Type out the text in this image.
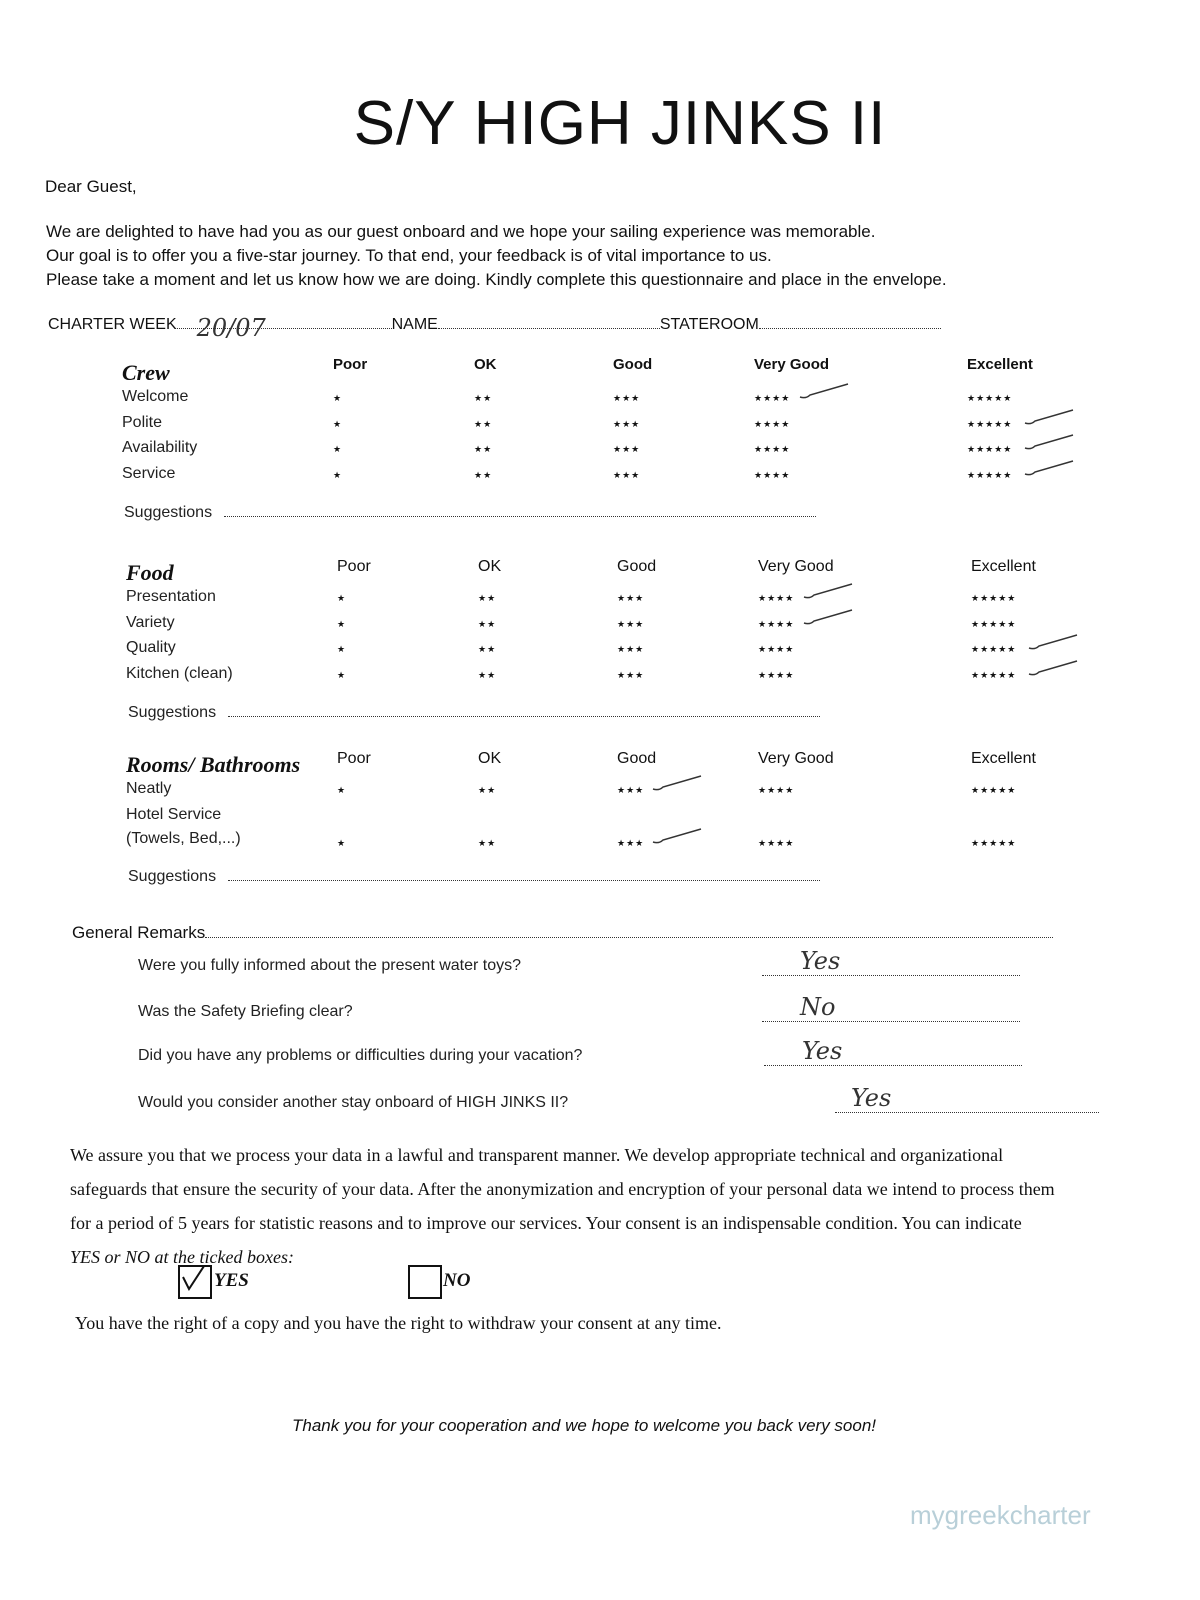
S/Y HIGH JINKS II
Dear Guest,
We are delighted to have had you as our guest onboard and we hope your sailing experience was memorable.
Our goal is to offer you a five-star journey. To that end, your feedback is of vital importance to us.
Please take a moment and let us know how we are doing. Kindly complete this questionnaire and place in the envelope.
CHARTER WEEK 20/07	NAME	STATEROOM
Crew	Poor	OK	Good	Very Good	Excellent
Welcome	★	★★	★★★	★★★★	★★★★★
Polite	★	★★	★★★	★★★★	★★★★★
Availability	★	★★	★★★	★★★★	★★★★★
Service	★	★★	★★★	★★★★	★★★★★
Suggestions
Food	Poor	OK	Good	Very Good	Excellent
Presentation	★	★★	★★★	★★★★	★★★★★
Variety	★	★★	★★★	★★★★	★★★★★
Quality	★	★★	★★★	★★★★	★★★★★
Kitchen (clean)	★	★★	★★★	★★★★	★★★★★
Suggestions
Rooms/ Bathrooms Poor	OK	Good	Very Good	Excellent
Neatly	★	★★	★★★	★★★★	★★★★★
Hotel Service
(Towels, Bed,...)	★	★★	★★★	★★★★	★★★★★
Suggestions
General Remarks
Were you fully informed about the present water toys?	Yes
Was the Safety Briefing clear?	No
Did you have any problems or difficulties during your vacation?	Yes
Would you consider another stay onboard of HIGH JINKS II?	Yes
We assure you that we process your data in a lawful and transparent manner. We develop appropriate technical and organizational
safeguards that ensure the security of your data. After the anonymization and encryption of your personal data we intend to process them
for a period of 5 years for statistic reasons and to improve our services. Your consent is an indispensable condition. You can indicate
YES or NO at the ticked boxes:
YES	NO
You have the right of a copy and you have the right to withdraw your consent at any time.
Thank you for your cooperation and we hope to welcome you back very soon!
mygreekcharter
